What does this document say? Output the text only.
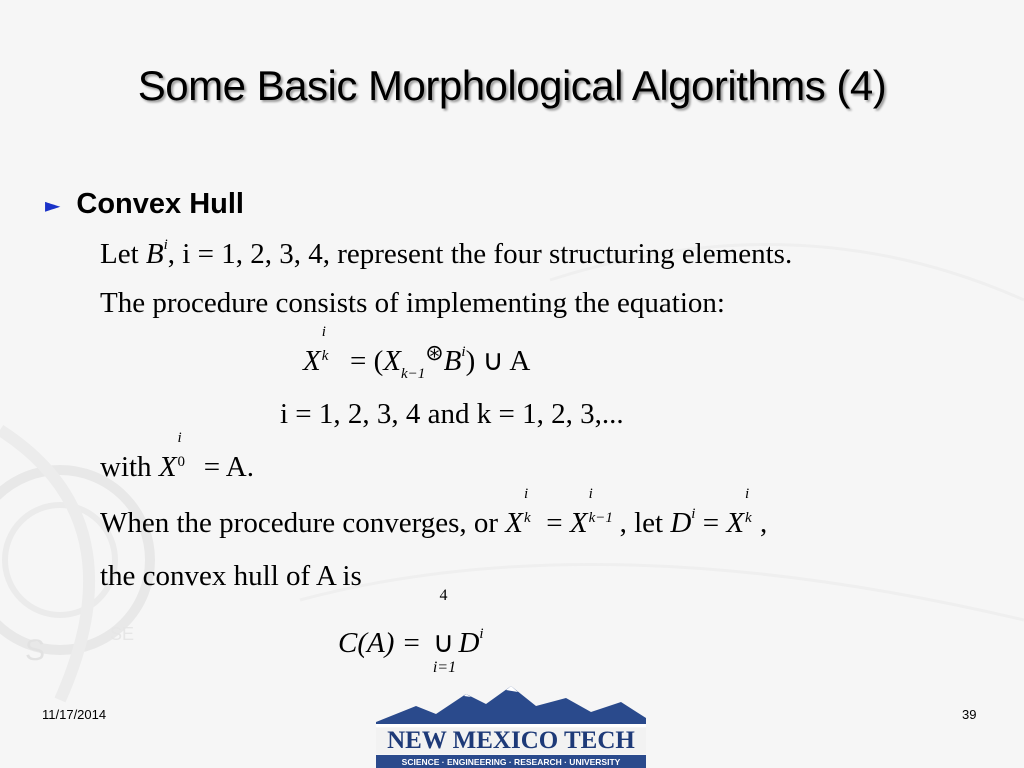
S	SE
Some Basic Morphological Algorithms (4)
► Convex Hull
Let $B^i$, i = 1, 2, 3, 4, represent the four structuring elements.
The procedure consists of implementing the equation:
X
i
$k = (X_{k-1}^⊛B^i)$ ∪ A
i = 1, 2, 3, 4 and k = 1, 2, 3,...
with X
i
0 = A.
When the procedure converges, or X
i
k = X
i
k−1 , let $D^i = X$
i
k ,
the convex hull of A is
C(A) =
4
∪
i=1
$D^i$
11/17/2014	39
NEW MEXICO TECH
SCIENCE · ENGINEERING · RESEARCH · UNIVERSITY
